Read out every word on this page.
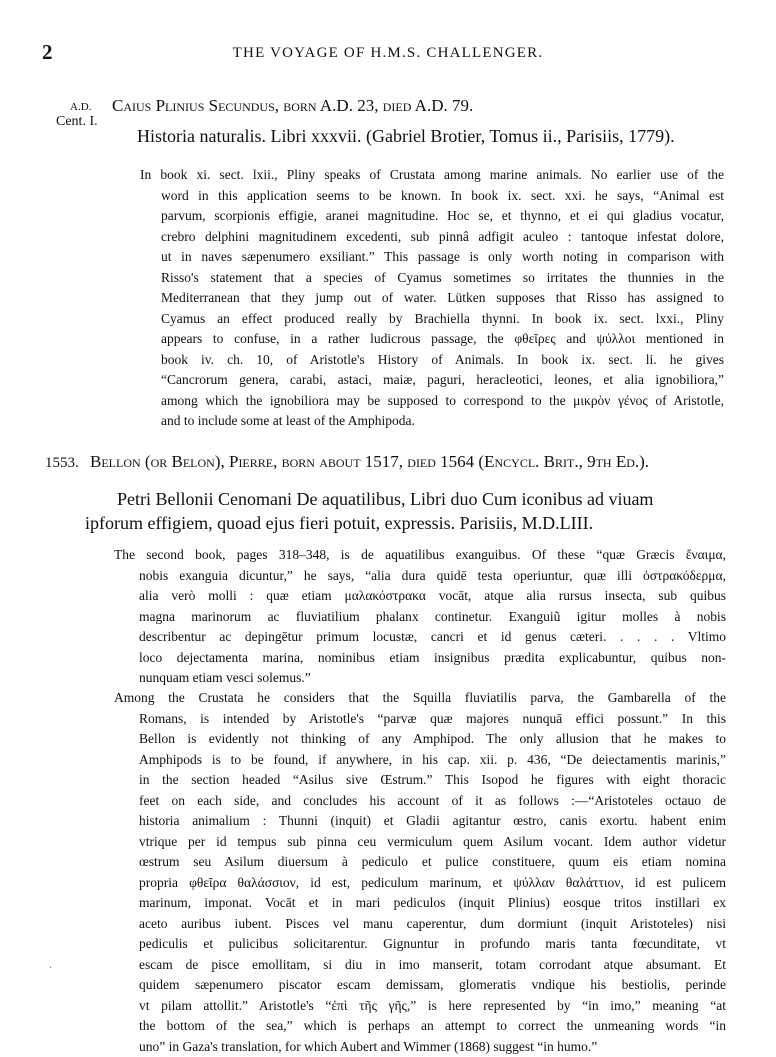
2	THE VOYAGE OF H.M.S. CHALLENGER.
A.D.
Cent. I.
Caius Plinius Secundus, born A.D. 23, died A.D. 79.
Historia naturalis. Libri xxxvii. (Gabriel Brotier, Tomus ii., Parisiis, 1779).
In book xi. sect. lxii., Pliny speaks of Crustata among marine animals. No earlier use of the
word in this application seems to be known. In book ix. sect. xxi. he says, “Animal est
parvum, scorpionis effigie, aranei magnitudine. Hoc se, et thynno, et ei qui gladius vocatur,
crebro delphini magnitudinem excedenti, sub pinnâ adfigit aculeo : tantoque infestat dolore,
ut in naves sæpenumero exsiliant.” This passage is only worth noting in comparison with
Risso's statement that a species of Cyamus sometimes so irritates the thunnies in the
Mediterranean that they jump out of water. Lütken supposes that Risso has assigned to
Cyamus an effect produced really by Brachiella thynni. In book ix. sect. lxxi., Pliny
appears to confuse, in a rather ludicrous passage, the φθεῖρες and ψύλλοι mentioned in
book iv. ch. 10, of Aristotle's History of Animals. In book ix. sect. li. he gives
“Cancrorum genera, carabi, astaci, maiæ, paguri, heracleotici, leones, et alia ignobiliora,”
among which the ignobiliora may be supposed to correspond to the μικρὸν γένος of Aristotle,
and to include some at least of the Amphipoda.
1553. Bellon (or Belon), Pierre, born about 1517, died 1564 (Encycl. Brit., 9th Ed.).
Petri Bellonii Cenomani De aquatilibus, Libri duo Cum iconibus ad viuam
ipforum effigiem, quoad ejus fieri potuit, expressis. Parisiis, M.D.LIII.
The second book, pages 318–348, is de aquatilibus exanguibus. Of these “quæ Græcis ἔναιμα,
nobis exanguia dicuntur,” he says, “alia dura quidē testa operiuntur, quæ illi ὀστρακόδερμα,
alia verò molli : quæ etiam μαλακόστρακα vocāt, atque alia rursus insecta, sub quibus
magna marinorum ac fluviatilium phalanx continetur. Exanguiũ igitur molles à nobis
describentur ac depingētur primum locustæ, cancri et id genus cæteri. . . . . Vltimo
loco dejectamenta marina, nominibus etiam insignibus prædita explicabuntur, quibus non-
nunquam etiam vesci solemus.”
Among the Crustata he considers that the Squilla fluviatilis parva, the Gambarella of the
Romans, is intended by Aristotle's “parvæ quæ majores nunquā effici possunt.” In this
Bellon is evidently not thinking of any Amphipod. The only allusion that he makes to
Amphipods is to be found, if anywhere, in his cap. xii. p. 436, “De deiectamentis marinis,”
in the section headed “Asilus sive Œstrum.” This Isopod he figures with eight thoracic
feet on each side, and concludes his account of it as follows :—“Aristoteles octauo de
historia animalium : Thunni (inquit) et Gladii agitantur œstro, canis exortu. habent enim
vtrique per id tempus sub pinna ceu vermiculum quem Asilum vocant. Idem author videtur
œstrum seu Asilum diuersum à pediculo et pulice constituere, quum eis etiam nomina
propria φθεῖρα θαλάσσιον, id est, pediculum marinum, et ψύλλαν θαλάττιον, id est pulicem
marinum, imponat. Vocāt et in mari pediculos (inquit Plinius) eosque tritos instillari ex
aceto auribus iubent. Pisces vel manu caperentur, dum dormiunt (inquit Aristoteles) nisi
pediculis et pulicibus solicitarentur. Gignuntur in profundo maris tanta fœcunditate, vt
escam de pisce emollitam, si diu in imo manserit, totam corrodant atque absumant. Et
quidem sæpenumero piscator escam demissam, glomeratis vndique his bestiolis, perinde
vt pilam attollit.” Aristotle's “ἐπὶ τῆς γῆς,” is here represented by “in imo,” meaning “at
the bottom of the sea,” which is perhaps an attempt to correct the unmeaning words “in
uno” in Gaza's translation, for which Aubert and Wimmer (1868) suggest “in humo.”
·
